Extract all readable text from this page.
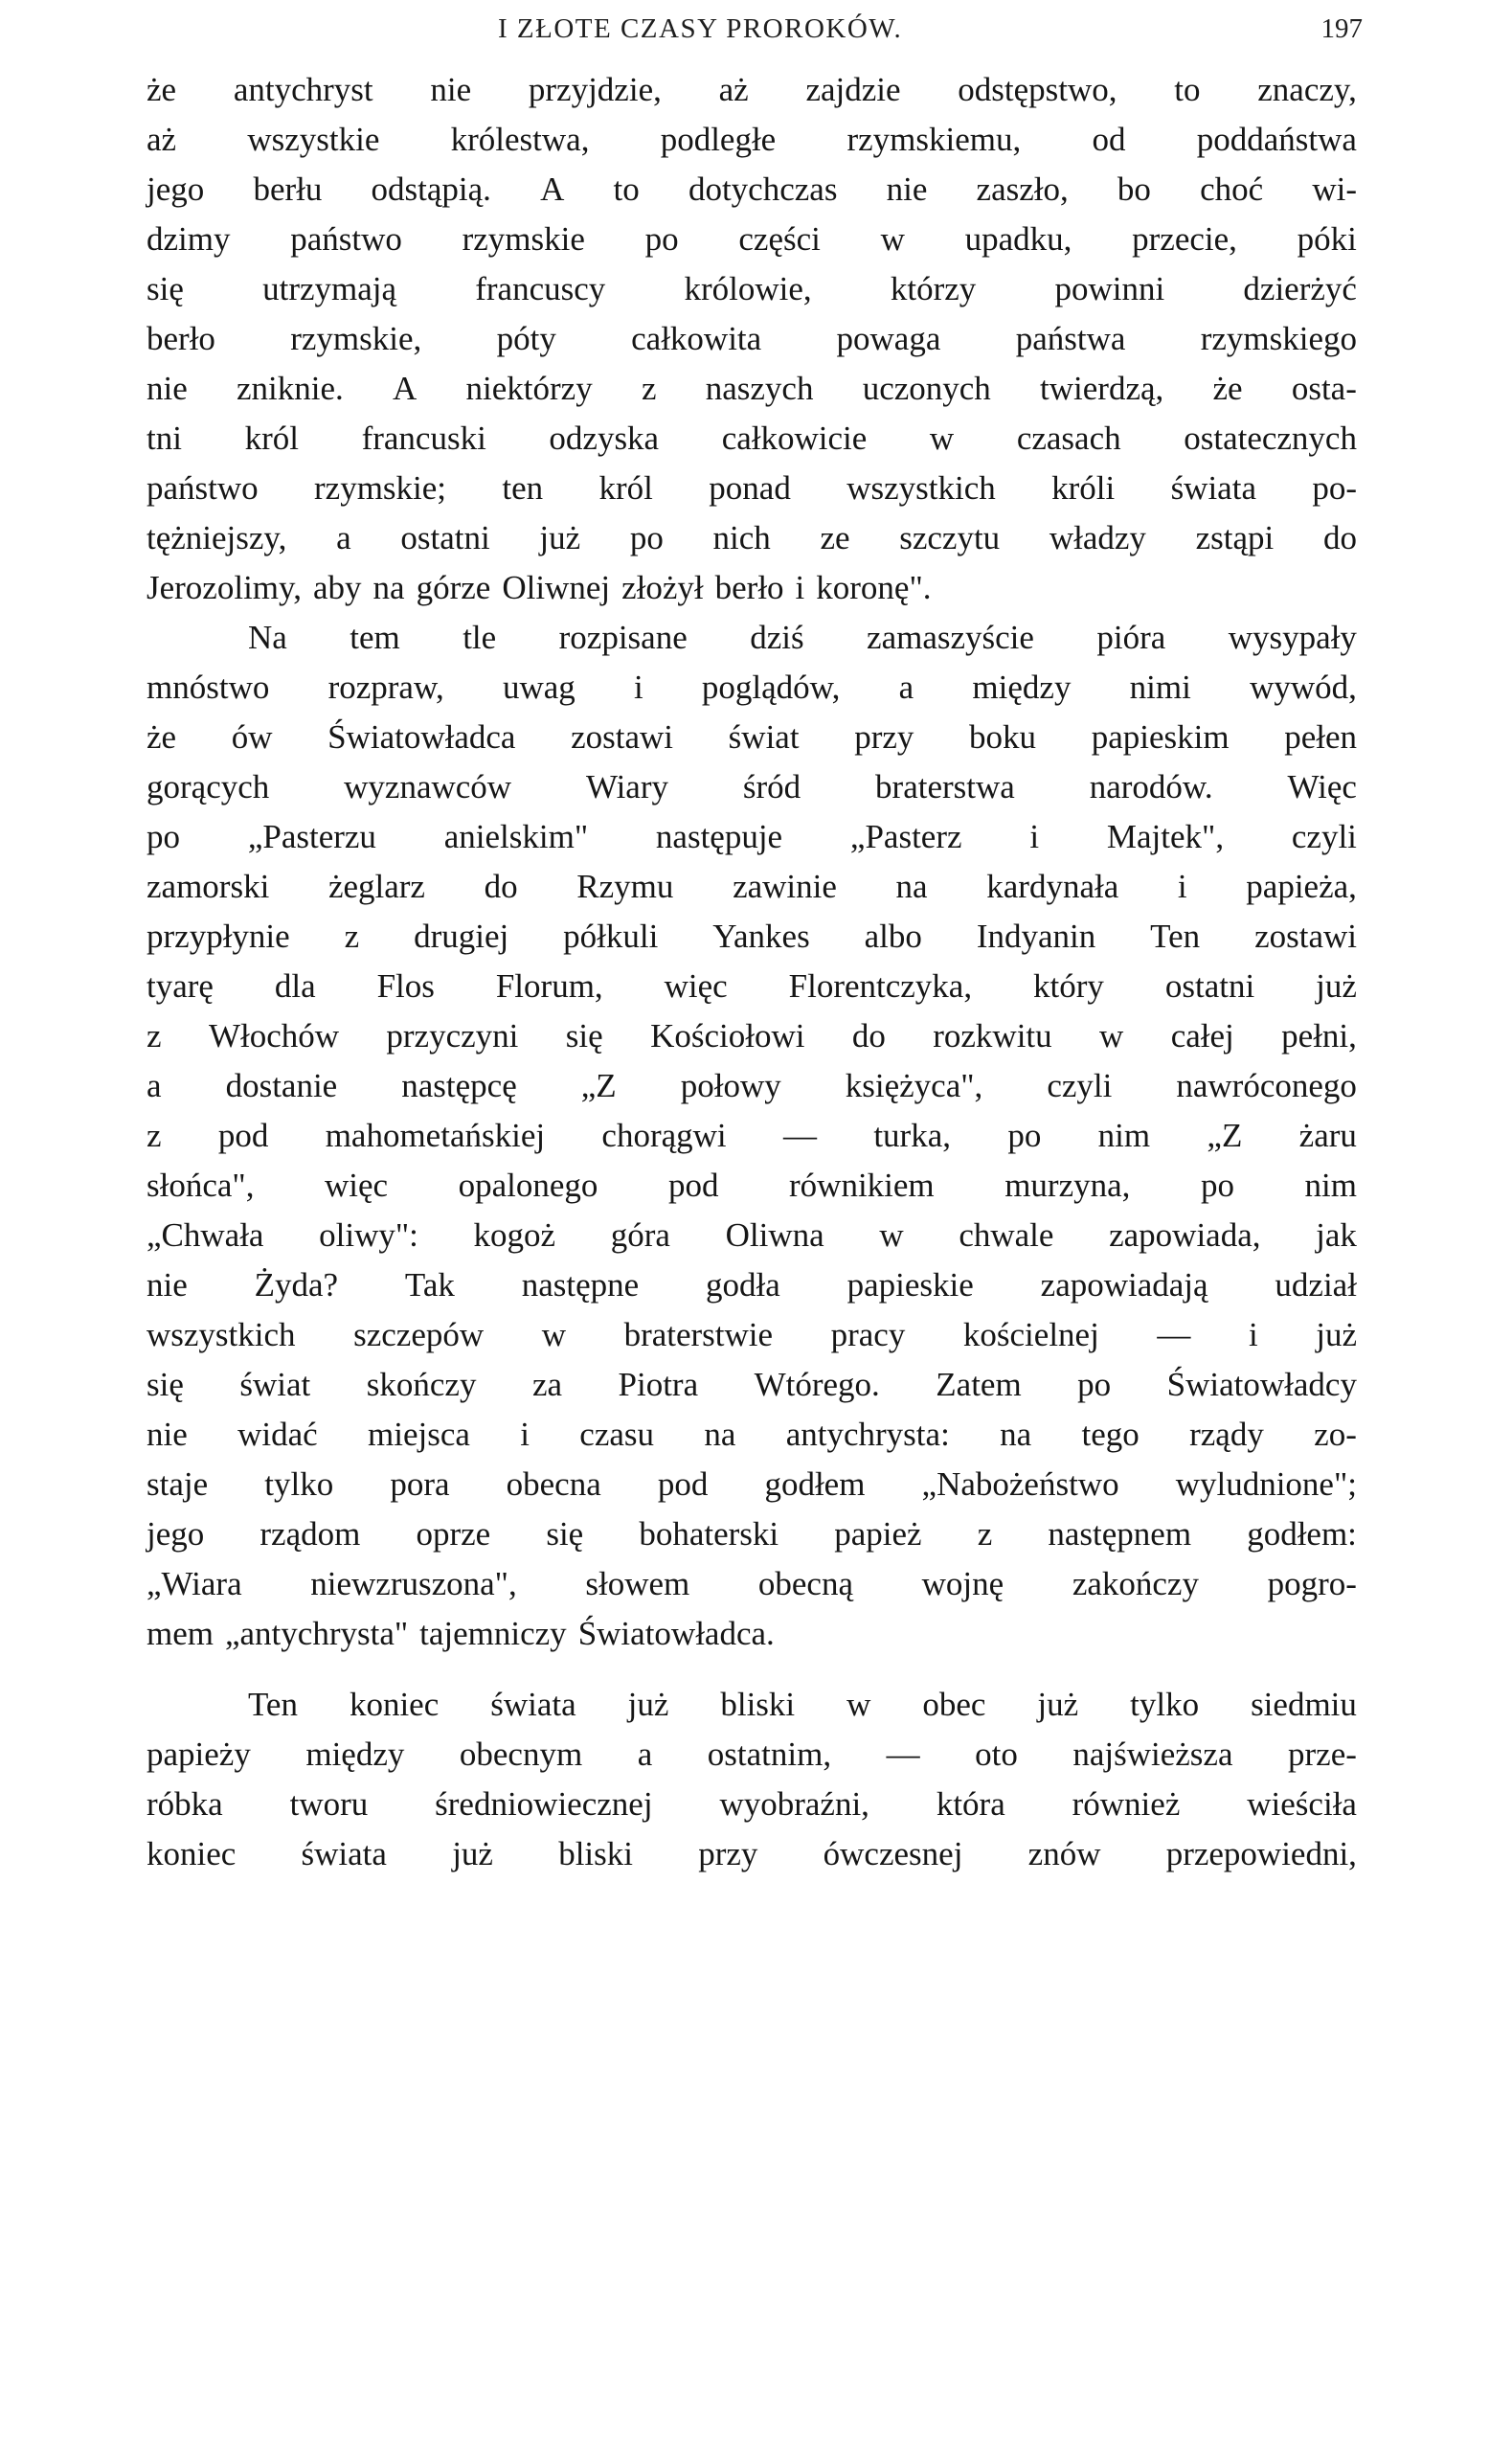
I ZŁOTE CZASY PROROKÓW.	197
że antychryst nie przyjdzie, aż zajdzie odstępstwo, to znaczy,
aż wszystkie królestwa, podległe rzymskiemu, od poddaństwa
jego berłu odstąpią. A to dotychczas nie zaszło, bo choć wi-
dzimy państwo rzymskie po części w upadku, przecie, póki
się utrzymają francuscy królowie, którzy powinni dzierżyć
berło rzymskie, póty całkowita powaga państwa rzymskiego
nie zniknie. A niektórzy z naszych uczonych twierdzą, że osta-
tni król francuski odzyska całkowicie w czasach ostatecznych
państwo rzymskie; ten król ponad wszystkich króli świata po-
tężniejszy, a ostatni już po nich ze szczytu władzy zstąpi do
Jerozolimy, aby na górze Oliwnej złożył berło i koronę".
Na tem tle rozpisane dziś zamaszyście pióra wysypały
mnóstwo rozpraw, uwag i poglądów, a między nimi wywód,
że ów Światowładca zostawi świat przy boku papieskim pełen
gorących wyznawców Wiary śród braterstwa narodów. Więc
po „Pasterzu anielskim" następuje „Pasterz i Majtek", czyli
zamorski żeglarz do Rzymu zawinie na kardynała i papieża,
przypłynie z drugiej półkuli Yankes albo Indyanin Ten zostawi
tyarę dla Flos Florum, więc Florentczyka, który ostatni już
z Włochów przyczyni się Kościołowi do rozkwitu w całej pełni,
a dostanie następcę „Z połowy księżyca", czyli nawróconego
z pod mahometańskiej chorągwi — turka, po nim „Z żaru
słońca", więc opalonego pod równikiem murzyna, po nim
„Chwała oliwy": kogoż góra Oliwna w chwale zapowiada, jak
nie Żyda? Tak następne godła papieskie zapowiadają udział
wszystkich szczepów w braterstwie pracy kościelnej — i już
się świat skończy za Piotra Wtórego. Zatem po Światowładcy
nie widać miejsca i czasu na antychrysta: na tego rządy zo-
staje tylko pora obecna pod godłem „Nabożeństwo wyludnione";
jego rządom oprze się bohaterski papież z następnem godłem:
„Wiara niewzruszona", słowem obecną wojnę zakończy pogro-
mem „antychrysta" tajemniczy Światowładca.
Ten koniec świata już bliski w obec już tylko siedmiu
papieży między obecnym a ostatnim, — oto najświeższa prze-
róbka tworu średniowiecznej wyobraźni, która również wieściła
koniec świata już bliski przy ówczesnej znów przepowiedni,
